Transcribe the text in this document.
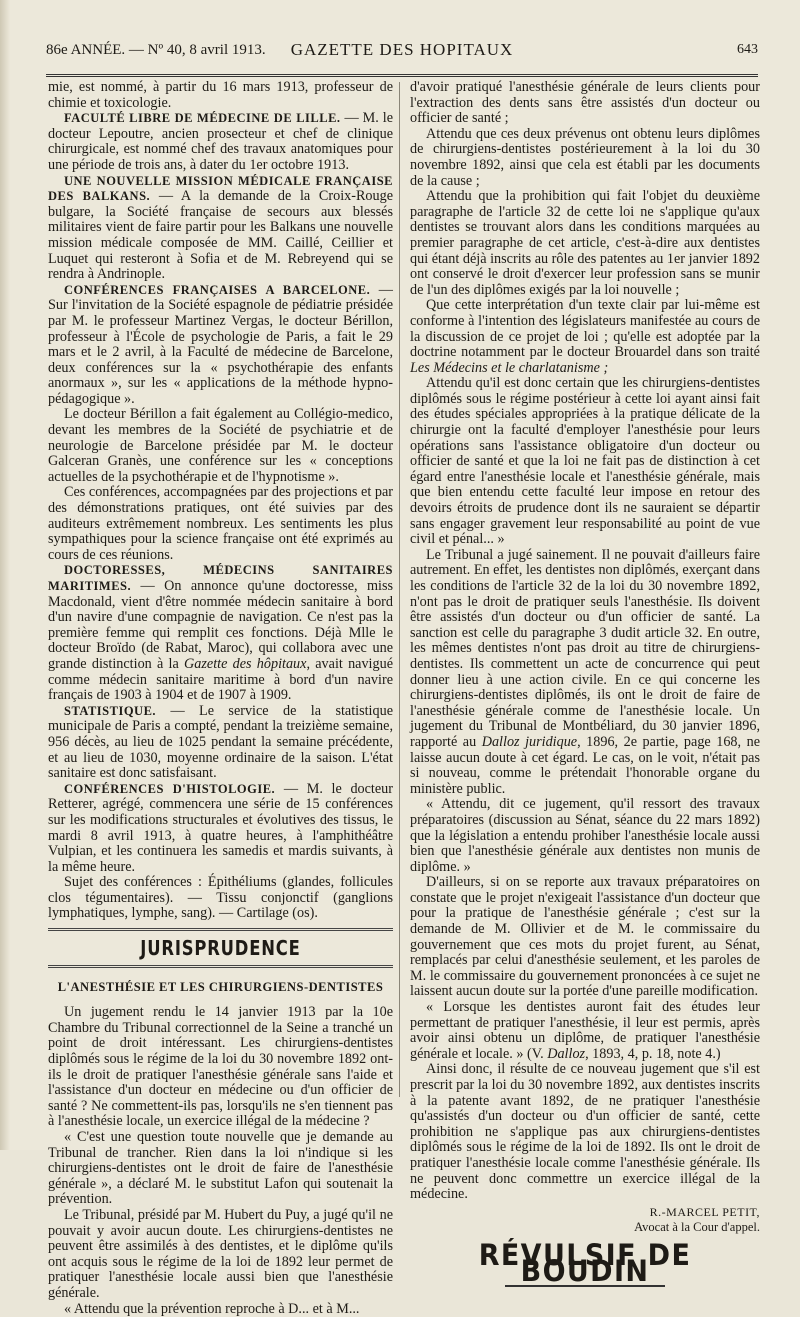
86e ANNÉE. — Nº 40, 8 avril 1913.	GAZETTE DES HOPITAUX	643

mie, est nommé, à partir du 16 mars 1913, professeur de chimie et toxicologie.

FACULTÉ LIBRE DE MÉDECINE DE LILLE. — M. le docteur Lepoutre, ancien prosecteur et chef de clinique chirurgicale, est nommé chef des travaux anatomiques pour une période de trois ans, à dater du 1er octobre 1913.

UNE NOUVELLE MISSION MÉDICALE FRANÇAISE DES BALKANS. — A la demande de la Croix-Rouge bulgare, la Société française de secours aux blessés militaires vient de faire partir pour les Balkans une nouvelle mission médicale composée de MM. Caillé, Ceillier et Luquet qui resteront à Sofia et de M. Rebreyend qui se rendra à Andrinople.

CONFÉRENCES FRANÇAISES A BARCELONE. — Sur l'invitation de la Société espagnole de pédiatrie présidée par M. le professeur Martinez Vergas, le docteur Bérillon, professeur à l'École de psychologie de Paris, a fait le 29 mars et le 2 avril, à la Faculté de médecine de Barcelone, deux conférences sur la « psychothérapie des enfants anormaux », sur les « applications de la méthode hypno-pédagogique ».

Le docteur Bérillon a fait également au Collégio-medico, devant les membres de la Société de psychiatrie et de neurologie de Barcelone présidée par M. le docteur Galceran Granès, une conférence sur les « conceptions actuelles de la psychothérapie et de l'hypnotisme ».

Ces conférences, accompagnées par des projections et par des démonstrations pratiques, ont été suivies par des auditeurs extrêmement nombreux. Les sentiments les plus sympathiques pour la science française ont été exprimés au cours de ces réunions.

DOCTORESSES, MÉDECINS SANITAIRES MARITIMES. — On annonce qu'une doctoresse, miss Macdonald, vient d'être nommée médecin sanitaire à bord d'un navire d'une compagnie de navigation. Ce n'est pas la première femme qui remplit ces fonctions. Déjà Mlle le docteur Broïdo (de Rabat, Maroc), qui collabora avec une grande distinction à la Gazette des hôpitaux, avait navigué comme médecin sanitaire maritime à bord d'un navire français de 1903 à 1904 et de 1907 à 1909.

STATISTIQUE. — Le service de la statistique municipale de Paris a compté, pendant la treizième semaine, 956 décès, au lieu de 1025 pendant la semaine précédente, et au lieu de 1030, moyenne ordinaire de la saison. L'état sanitaire est donc satisfaisant.

CONFÉRENCES D'HISTOLOGIE. — M. le docteur Retterer, agrégé, commencera une série de 15 conférences sur les modifications structurales et évolutives des tissus, le mardi 8 avril 1913, à quatre heures, à l'amphithéâtre Vulpian, et les continuera les samedis et mardis suivants, à la même heure.

Sujet des conférences : Épithéliums (glandes, follicules clos tégumentaires). — Tissu conjonctif (ganglions lymphatiques, lymphe, sang). — Cartilage (os).

JURISPRUDENCE
L'ANESTHÉSIE ET LES CHIRURGIENS-DENTISTES

Un jugement rendu le 14 janvier 1913 par la 10e Chambre du Tribunal correctionnel de la Seine a tranché un point de droit intéressant. Les chirurgiens-dentistes diplômés sous le régime de la loi du 30 novembre 1892 ont-ils le droit de pratiquer l'anesthésie générale sans l'aide et l'assistance d'un docteur en médecine ou d'un officier de santé ? Ne commettent-ils pas, lorsqu'ils ne s'en tiennent pas à l'anesthésie locale, un exercice illégal de la médecine ?

« C'est une question toute nouvelle que je demande au Tribunal de trancher. Rien dans la loi n'indique si les chirurgiens-dentistes ont le droit de faire de l'anesthésie générale », a déclaré M. le substitut Lafon qui soutenait la prévention.

Le Tribunal, présidé par M. Hubert du Puy, a jugé qu'il ne pouvait y avoir aucun doute. Les chirurgiens-dentistes ne peuvent être assimilés à des dentistes, et le diplôme qu'ils ont acquis sous le régime de la loi de 1892 leur permet de pratiquer l'anesthésie locale aussi bien que l'anesthésie générale.

« Attendu que la prévention reproche à D... et à M...

d'avoir pratiqué l'anesthésie générale de leurs clients pour l'extraction des dents sans être assistés d'un docteur ou officier de santé ;

Attendu que ces deux prévenus ont obtenu leurs diplômes de chirurgiens-dentistes postérieurement à la loi du 30 novembre 1892, ainsi que cela est établi par les documents de la cause ;

Attendu que la prohibition qui fait l'objet du deuxième paragraphe de l'article 32 de cette loi ne s'applique qu'aux dentistes se trouvant alors dans les conditions marquées au premier paragraphe de cet article, c'est-à-dire aux dentistes qui étant déjà inscrits au rôle des patentes au 1er janvier 1892 ont conservé le droit d'exercer leur profession sans se munir de l'un des diplômes exigés par la loi nouvelle ;

Que cette interprétation d'un texte clair par lui-même est conforme à l'intention des législateurs manifestée au cours de la discussion de ce projet de loi ; qu'elle est adoptée par la doctrine notamment par le docteur Brouardel dans son traité Les Médecins et le charlatanisme ;

Attendu qu'il est donc certain que les chirurgiens-dentistes diplômés sous le régime postérieur à cette loi ayant ainsi fait des études spéciales appropriées à la pratique délicate de la chirurgie ont la faculté d'employer l'anesthésie pour leurs opérations sans l'assistance obligatoire d'un docteur ou officier de santé et que la loi ne fait pas de distinction à cet égard entre l'anesthésie locale et l'anesthésie générale, mais que bien entendu cette faculté leur impose en retour des devoirs étroits de prudence dont ils ne sauraient se départir sans engager gravement leur responsabilité au point de vue civil et pénal... »

Le Tribunal a jugé sainement. Il ne pouvait d'ailleurs faire autrement. En effet, les dentistes non diplômés, exerçant dans les conditions de l'article 32 de la loi du 30 novembre 1892, n'ont pas le droit de pratiquer seuls l'anesthésie. Ils doivent être assistés d'un docteur ou d'un officier de santé. La sanction est celle du paragraphe 3 dudit article 32. En outre, les mêmes dentistes n'ont pas droit au titre de chirurgiens-dentistes. Ils commettent un acte de concurrence qui peut donner lieu à une action civile. En ce qui concerne les chirurgiens-dentistes diplômés, ils ont le droit de faire de l'anesthésie générale comme de l'anesthésie locale. Un jugement du Tribunal de Montbéliard, du 30 janvier 1896, rapporté au Dalloz juridique, 1896, 2e partie, page 168, ne laisse aucun doute à cet égard. Le cas, on le voit, n'était pas si nouveau, comme le prétendait l'honorable organe du ministère public.

« Attendu, dit ce jugement, qu'il ressort des travaux préparatoires (discussion au Sénat, séance du 22 mars 1892) que la législation a entendu prohiber l'anesthésie locale aussi bien que l'anesthésie générale aux dentistes non munis de diplôme. »

D'ailleurs, si on se reporte aux travaux préparatoires on constate que le projet n'exigeait l'assistance d'un docteur que pour la pratique de l'anesthésie générale ; c'est sur la demande de M. Ollivier et de M. le commissaire du gouvernement que ces mots du projet furent, au Sénat, remplacés par celui d'anesthésie seulement, et les paroles de M. le commissaire du gouvernement prononcées à ce sujet ne laissent aucun doute sur la portée d'une pareille modification.

« Lorsque les dentistes auront fait des études leur permettant de pratiquer l'anesthésie, il leur est permis, après avoir ainsi obtenu un diplôme, de pratiquer l'anesthésie générale et locale. » (V. Dalloz, 1893, 4, p. 18, note 4.)

Ainsi donc, il résulte de ce nouveau jugement que s'il est prescrit par la loi du 30 novembre 1892, aux dentistes inscrits à la patente avant 1892, de ne pratiquer l'anesthésie qu'assistés d'un docteur ou d'un officier de santé, cette prohibition ne s'applique pas aux chirurgiens-dentistes diplômés sous le régime de la loi de 1892. Ils ont le droit de pratiquer l'anesthésie locale comme l'anesthésie générale. Ils ne peuvent donc commettre un exercice illégal de la médecine.

R.-MARCEL PETIT,
Avocat à la Cour d'appel.
RÉVULSIF DE BOUDIN
